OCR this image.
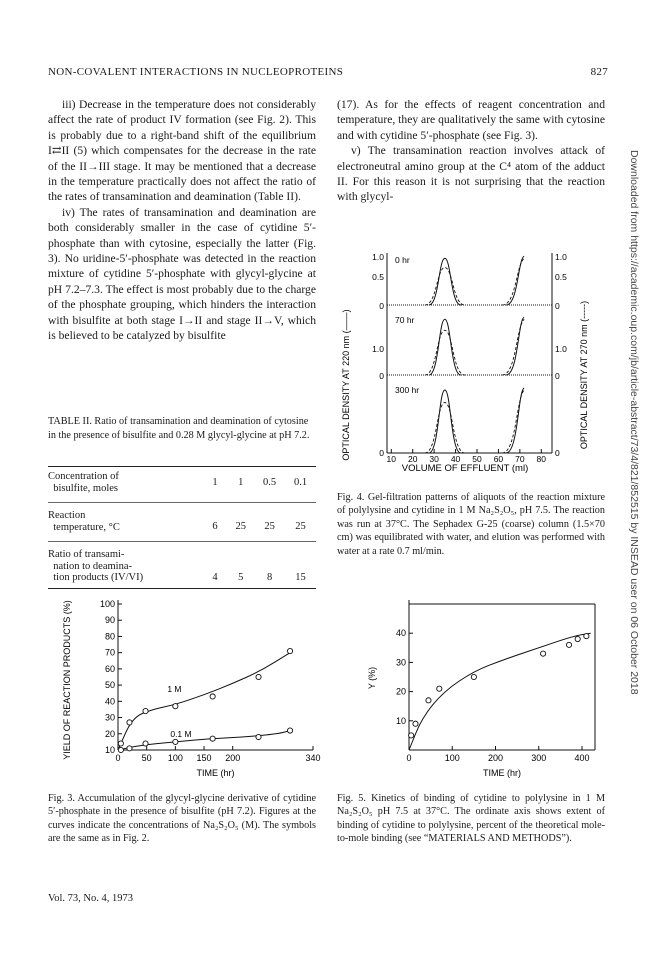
NON-COVALENT INTERACTIONS IN NUCLEOPROTEINS	827

iii) Decrease in the temperature does not considerably affect the rate of product IV formation (see Fig. 2). This is probably due to a right-band shift of the equilibrium I⇄II (5) which compensates for the decrease in the rate of the II→III stage. It may be mentioned that a decrease in the temperature practically does not affect the ratio of the rates of transamination and deamination (Table II).

iv) The rates of transamination and deamination are both considerably smaller in the case of cytidine 5′-phosphate than with cytosine, especially the latter (Fig. 3). No uridine-5′-phosphate was detected in the reaction mixture of cytidine 5′-phosphate with glycyl-glycine at pH 7.2–7.3. The effect is most probably due to the charge of the phosphate grouping, which hinders the interaction with bisulfite at both stage I→II and stage II→V, which is believed to be catalyzed by bisulfite

(17). As for the effects of reagent concentration and temperature, they are qualitatively the same with cytosine and with cytidine 5′-phosphate (see Fig. 3).

v) The transamination reaction involves attack of electroneutral amino group at the C⁴ atom of the adduct II. For this reason it is not surprising that the reaction with glycyl-	Downloaded from https://academic.oup.com/jb/article-abstract/73/4/821/852515 by INSEAD user on 06 October 2018
TABLE II. Ratio of transamination and deamination of cytosine in the presence of bisulfite and 0.28 M glycyl-glycine at pH 7.2.
Concentration of
bisulfite, moles	1	1	0.5	0.1
Reaction
temperature, °C	6	25	25	25
Ratio of transami-
nation to deamina-
tion products (IV/VI)	4	5	8	15
10 20 30 40 50 60 70 80
0 hr
70 hr
300 hr
1.0	1.0
0.5	0.5
0	0
1.0	1.0
0	0
0	0
VOLUME OF EFFLUENT (ml)
OPTICAL DENSITY AT 220 nm (——)	OPTICAL DENSITY AT 270 nm (-----)
Fig. 4. Gel-filtration patterns of aliquots of the reaction mixture of polylysine and cytidine in 1 M Na₂S₂O₅, pH 7.5. The reaction was run at 37°C. The Sephadex G-25 (coarse) column (1.5×70 cm) was equilibrated with water, and elution was performed with water at a rate 0.7 ml/min.
0 50 100 150 200	340
10
20
30
40
50
60
70
80
90
100
TIME (hr)
YIELD OF REACTION PRODUCTS (%)	1 M
0.1 M
Fig. 3. Accumulation of the glycyl-glycine derivative of cytidine 5′-phosphate in the presence of bisulfite (pH 7.2). Figures at the curves indicate the concentrations of Na₂S₂O₅ (M). The symbols are the same as in Fig. 2.
0	100	200	300	400
10
20
30
40
TIME (hr)
Y (%)
Fig. 5. Kinetics of binding of cytidine to polylysine in 1 M Na₂S₂O₅ pH 7.5 at 37°C. The ordinate axis shows extent of binding of cytidine to polylysine, percent of the theoretical mole-to-mole binding (see “MATERIALS AND METHODS”).
Vol. 73, No. 4, 1973
